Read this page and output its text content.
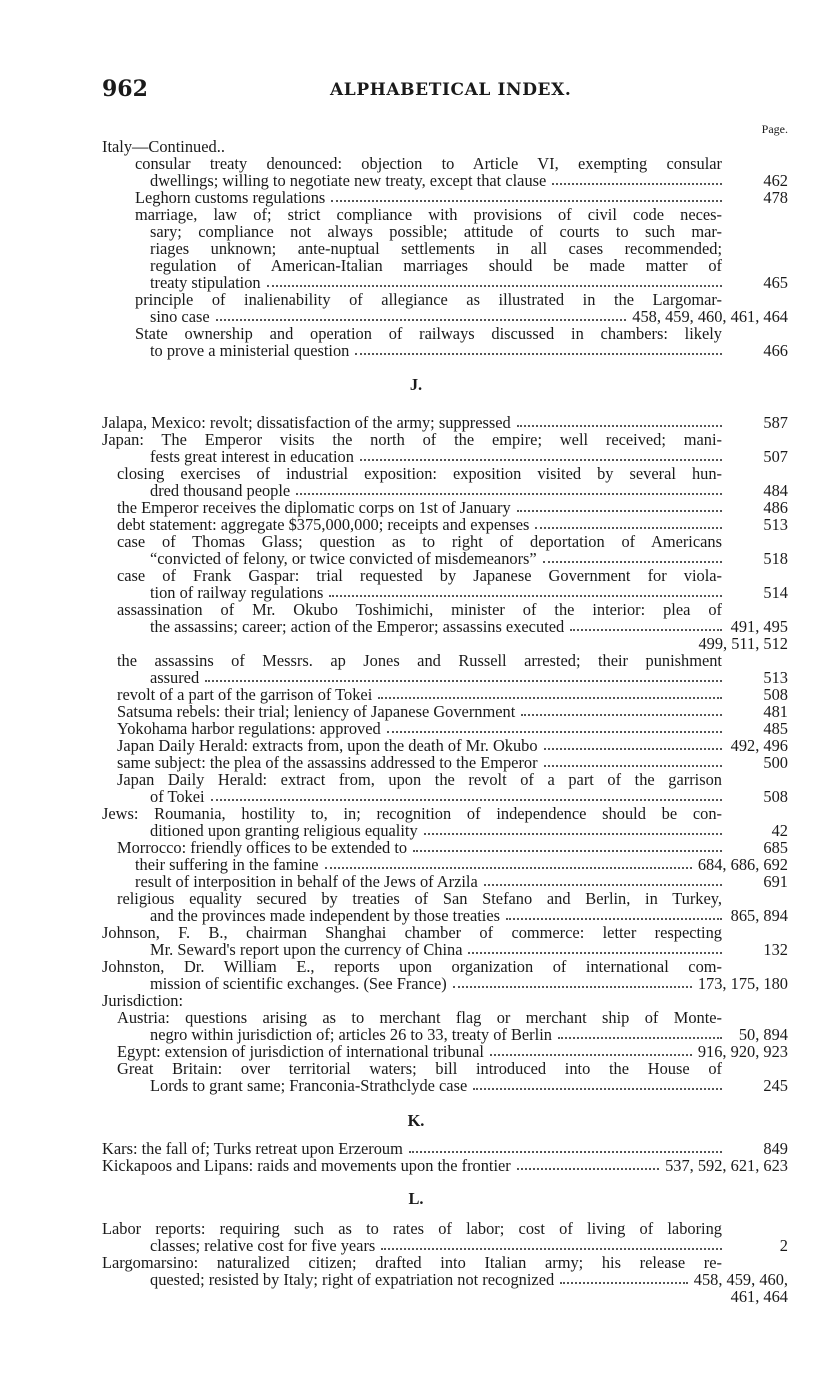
962	ALPHABETICAL INDEX.
Page.
Italy—Continued..
consular treaty denounced: objection to Article VI, exempting consular
dwellings; willing to negotiate new treaty, except that clause	462
Leghorn customs regulations	478
marriage, law of; strict compliance with provisions of civil code neces-
sary; compliance not always possible; attitude of courts to such mar-
riages unknown; ante-nuptual settlements in all cases recommended;
regulation of American-Italian marriages should be made matter of
treaty stipulation	465
principle of inalienability of allegiance as illustrated in the Largomar-
sino case	458, 459, 460, 461, 464
State ownership and operation of railways discussed in chambers: likely
to prove a ministerial question	466
J.
Jalapa, Mexico: revolt; dissatisfaction of the army; suppressed	587
Japan: The Emperor visits the north of the empire; well received; mani-
fests great interest in education	507
closing exercises of industrial exposition: exposition visited by several hun-
dred thousand people	484
the Emperor receives the diplomatic corps on 1st of January	486
debt statement: aggregate $375,000,000; receipts and expenses	513
case of Thomas Glass; question as to right of deportation of Americans
“convicted of felony, or twice convicted of misdemeanors”	518
case of Frank Gaspar: trial requested by Japanese Government for viola-
tion of railway regulations	514
assassination of Mr. Okubo Toshimichi, minister of the interior: plea of
the assassins; career; action of the Emperor; assassins executed	491, 495
499, 511, 512
the assassins of Messrs. ap Jones and Russell arrested; their punishment
assured	513
revolt of a part of the garrison of Tokei	508
Satsuma rebels: their trial; leniency of Japanese Government	481
Yokohama harbor regulations: approved	485
Japan Daily Herald: extracts from, upon the death of Mr. Okubo	492, 496
same subject: the plea of the assassins addressed to the Emperor	500
Japan Daily Herald: extract from, upon the revolt of a part of the garrison
of Tokei	508
Jews: Roumania, hostility to, in; recognition of independence should be con-
ditioned upon granting religious equality	42
Morrocco: friendly offices to be extended to	685
their suffering in the famine	684, 686, 692
result of interposition in behalf of the Jews of Arzila	691
religious equality secured by treaties of San Stefano and Berlin, in Turkey,
and the provinces made independent by those treaties	865, 894
Johnson, F. B., chairman Shanghai chamber of commerce: letter respecting
Mr. Seward's report upon the currency of China	132
Johnston, Dr. William E., reports upon organization of international com-
mission of scientific exchanges. (See France)	173, 175, 180
Jurisdiction:
Austria: questions arising as to merchant flag or merchant ship of Monte-
negro within jurisdiction of; articles 26 to 33, treaty of Berlin	50, 894
Egypt: extension of jurisdiction of international tribunal	916, 920, 923
Great Britain: over territorial waters; bill introduced into the House of
Lords to grant same; Franconia-Strathclyde case	245
K.
Kars: the fall of; Turks retreat upon Erzeroum	849
Kickapoos and Lipans: raids and movements upon the frontier	537, 592, 621, 623
L.
Labor reports: requiring such as to rates of labor; cost of living of laboring
classes; relative cost for five years	2
Largomarsino: naturalized citizen; drafted into Italian army; his release re-
quested; resisted by Italy; right of expatriation not recognized	458, 459, 460,
461, 464
